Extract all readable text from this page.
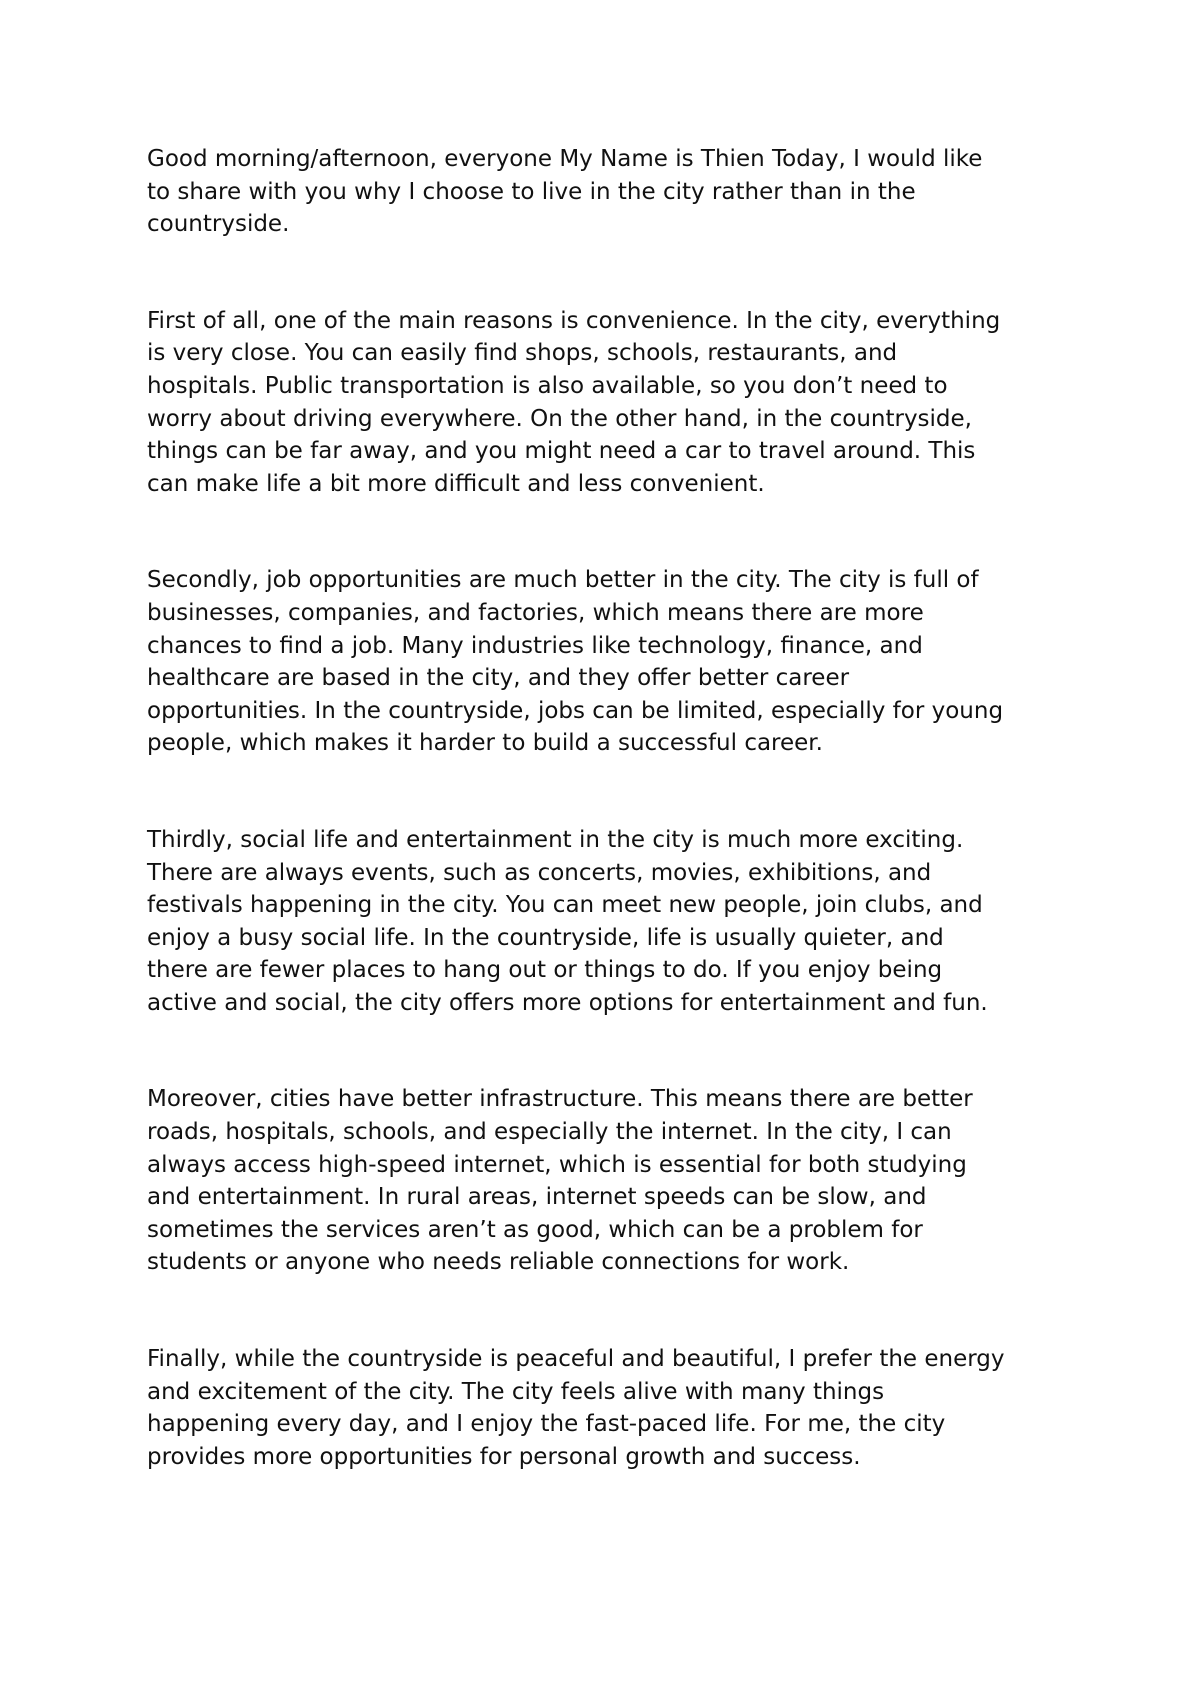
Good morning/afternoon, everyone My Name is Thien Today, I would like
to share with you why I choose to live in the city rather than in the
countryside.

First of all, one of the main reasons is convenience. In the city, everything
is very close. You can easily find shops, schools, restaurants, and
hospitals. Public transportation is also available, so you don’t need to
worry about driving everywhere. On the other hand, in the countryside,
things can be far away, and you might need a car to travel around. This
can make life a bit more difficult and less convenient.

Secondly, job opportunities are much better in the city. The city is full of
businesses, companies, and factories, which means there are more
chances to find a job. Many industries like technology, finance, and
healthcare are based in the city, and they offer better career
opportunities. In the countryside, jobs can be limited, especially for young
people, which makes it harder to build a successful career.

Thirdly, social life and entertainment in the city is much more exciting.
There are always events, such as concerts, movies, exhibitions, and
festivals happening in the city. You can meet new people, join clubs, and
enjoy a busy social life. In the countryside, life is usually quieter, and
there are fewer places to hang out or things to do. If you enjoy being
active and social, the city offers more options for entertainment and fun.

Moreover, cities have better infrastructure. This means there are better
roads, hospitals, schools, and especially the internet. In the city, I can
always access high-speed internet, which is essential for both studying
and entertainment. In rural areas, internet speeds can be slow, and
sometimes the services aren’t as good, which can be a problem for
students or anyone who needs reliable connections for work.

Finally, while the countryside is peaceful and beautiful, I prefer the energy
and excitement of the city. The city feels alive with many things
happening every day, and I enjoy the fast-paced life. For me, the city
provides more opportunities for personal growth and success.
